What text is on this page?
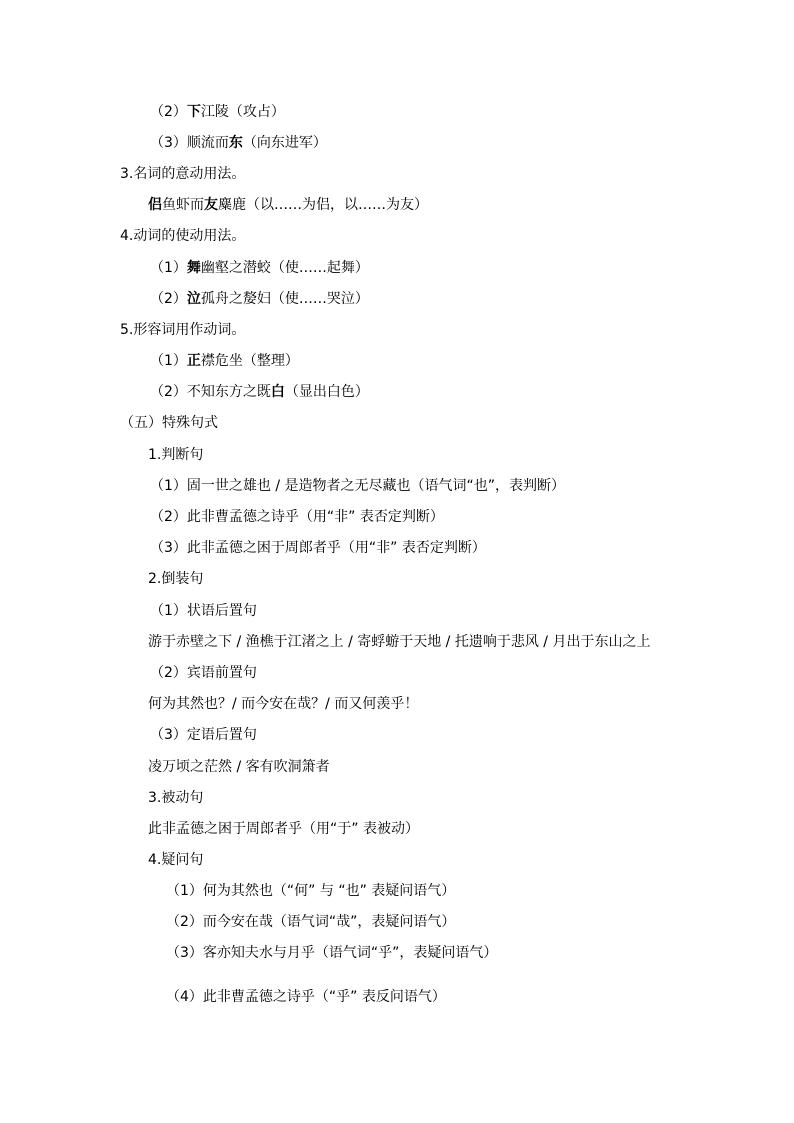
（2）下江陵（攻占）
（3）顺流而东（向东进军）
3.名词的意动用法。
侣鱼虾而友麋鹿（以……为侣，以……为友）
4.动词的使动用法。
（1）舞幽壑之潜蛟（使……起舞）
（2）泣孤舟之嫠妇（使……哭泣）
5.形容词用作动词。
（1）正襟危坐（整理）
（2）不知东方之既白（显出白色）
（五）特殊句式
1.判断句
（1）固一世之雄也 / 是造物者之无尽藏也（语气词“也”，表判断）
（2）此非曹孟德之诗乎（用“非” 表否定判断）
（3）此非孟德之困于周郎者乎（用“非” 表否定判断）
2.倒装句
（1）状语后置句
游于赤壁之下 / 渔樵于江渚之上 / 寄蜉蝣于天地 / 托遗响于悲风 / 月出于东山之上
（2）宾语前置句
何为其然也？/ 而今安在哉？/ 而又何羡乎！
（3）定语后置句
凌万顷之茫然 / 客有吹洞箫者
3.被动句
此非孟德之困于周郎者乎（用“于” 表被动）
4.疑问句
（1）何为其然也（“何” 与 “也” 表疑问语气）
（2）而今安在哉（语气词“哉”，表疑问语气）
（3）客亦知夫水与月乎（语气词“乎”，表疑问语气）
（4）此非曹孟德之诗乎（“乎” 表反问语气）
